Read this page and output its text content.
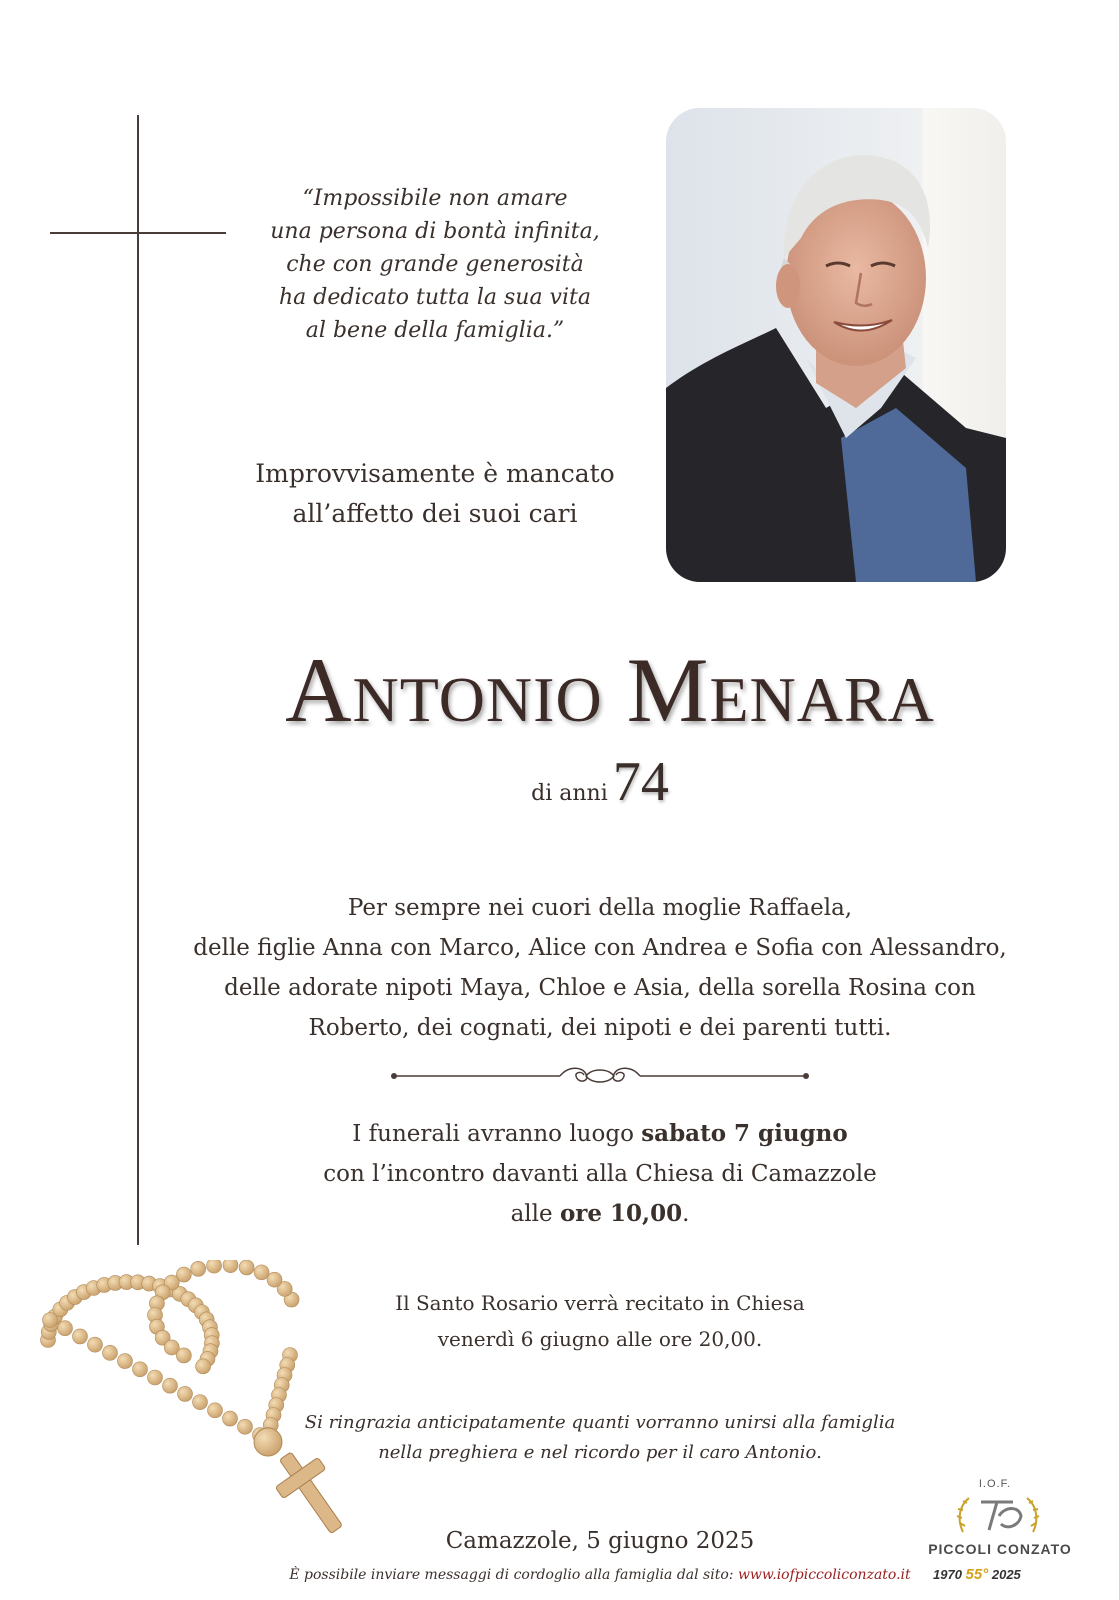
“Impossibile non amare
una persona di bontà infinita,
che con grande generosità
ha dedicato tutta la sua vita
al bene della famiglia.”
Improvvisamente è mancato
all’affetto dei suoi cari
Antonio Menara
di anni 74
Per sempre nei cuori della moglie Raffaela,
delle figlie Anna con Marco, Alice con Andrea e Sofia con Alessandro,
delle adorate nipoti Maya, Chloe e Asia, della sorella Rosina con
Roberto, dei cognati, dei nipoti e dei parenti tutti.
I funerali avranno luogo sabato 7 giugno
con l’incontro davanti alla Chiesa di Camazzole
alle ore 10,00.
Il Santo Rosario verrà recitato in Chiesa
venerdì 6 giugno alle ore 20,00.
Si ringrazia anticipatamente quanti vorranno unirsi alla famiglia
nella preghiera e nel ricordo per il caro Antonio.
Camazzole, 5 giugno 2025
È possibile inviare messaggi di cordoglio alla famiglia dal sito: www.iofpiccoliconzato.it
I.O.F.
PICCOLI CONZATO
1970 55° 2025
